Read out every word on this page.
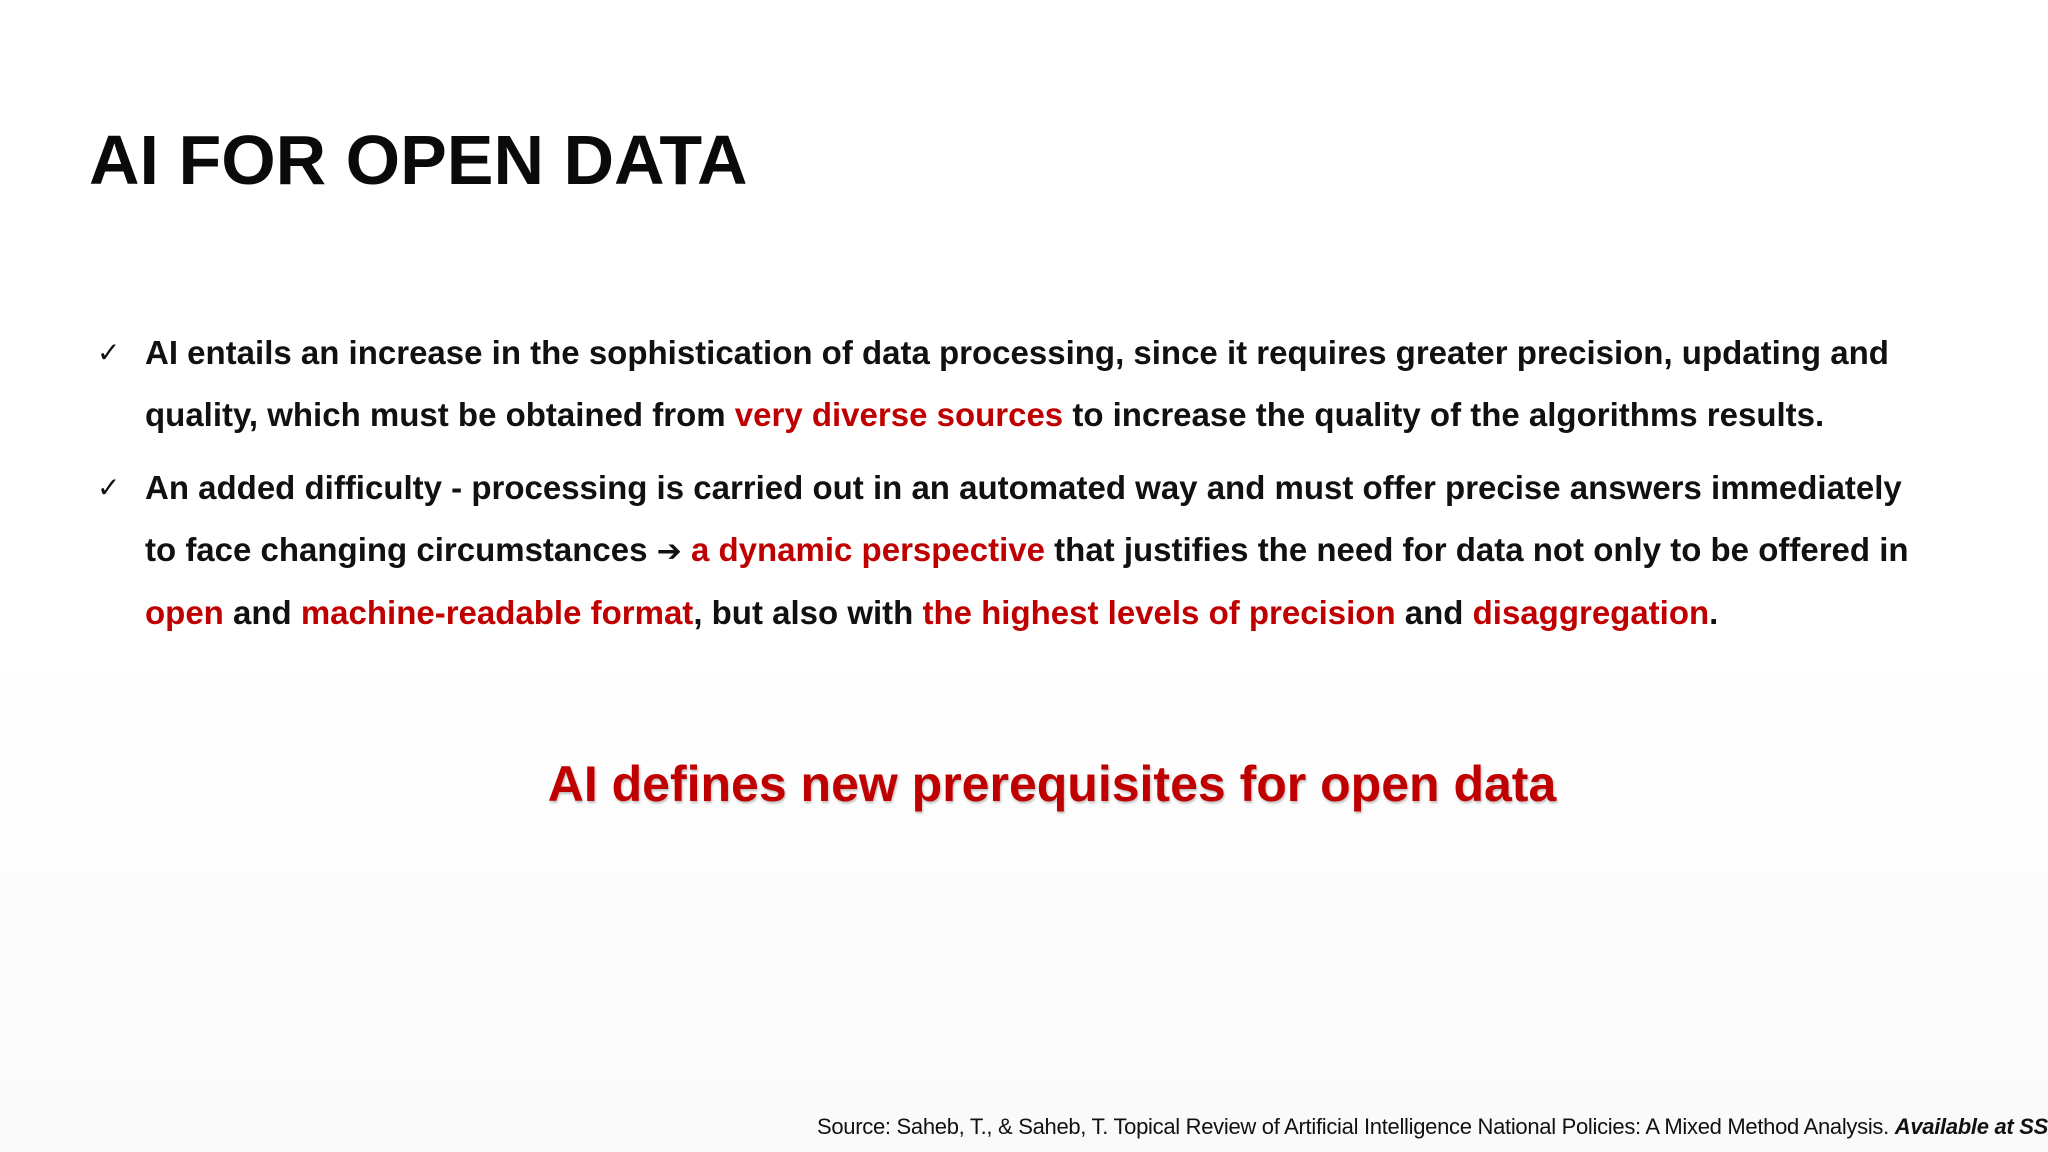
AI FOR OPEN DATA
✓ AI entails an increase in the sophistication of data processing, since it requires greater precision, updating and
quality, which must be obtained from very diverse sources to increase the quality of the algorithms results.
✓ An added difficulty - processing is carried out in an automated way and must offer precise answers immediately
to face changing circumstances ➔ a dynamic perspective that justifies the need for data not only to be offered in
open and machine-readable format, but also with the highest levels of precision and disaggregation.

AI defines new prerequisites for open data

Source: Saheb, T., & Saheb, T. Topical Review of Artificial Intelligence National Policies: A Mixed Method Analysis. Available at SS
